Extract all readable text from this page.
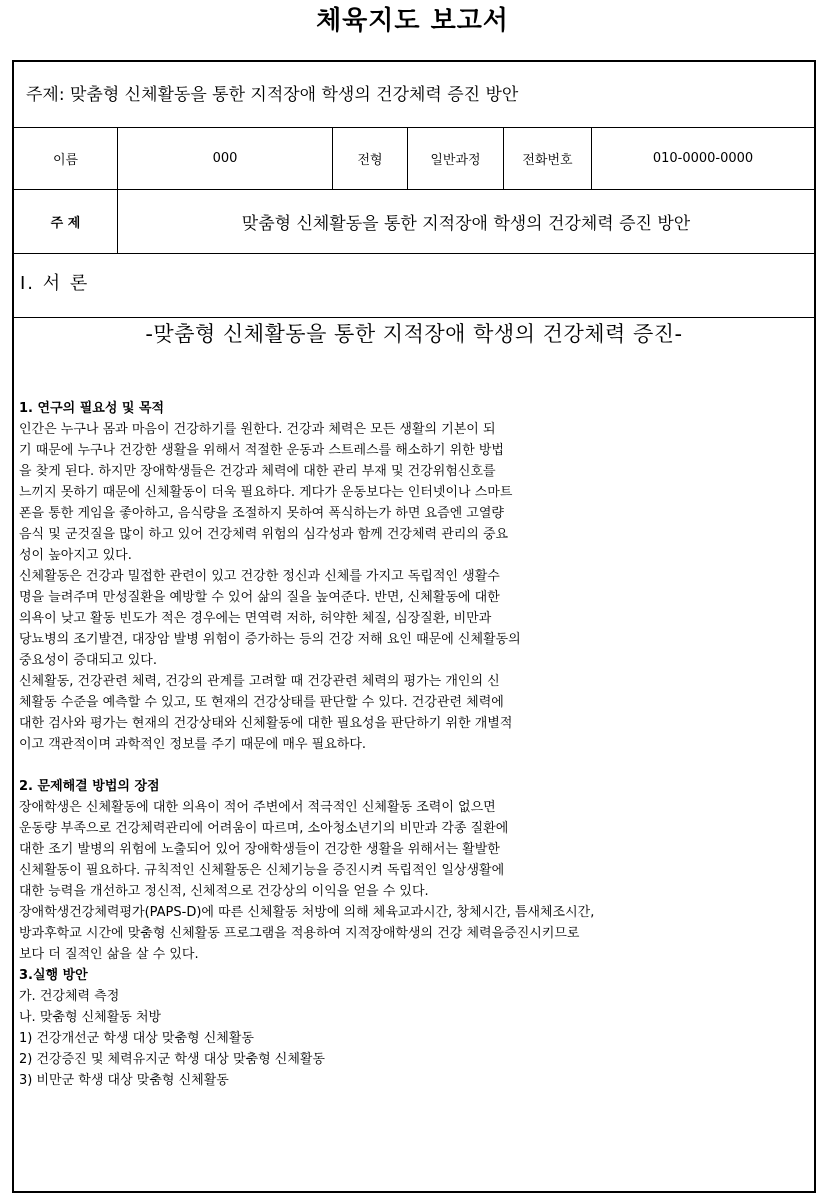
체육지도 보고서
주제: 맞춤형 신체활동을 통한 지적장애 학생의 건강체력 증진 방안
이름	000	전형	일반과정	전화번호	010-0000-0000
주 제	맞춤형 신체활동을 통한 지적장애 학생의 건강체력 증진 방안
Ⅰ. 서 론
-맞춤형 신체활동을 통한 지적장애 학생의 건강체력 증진-
1. 연구의 필요성 및 목적
인간은 누구나 몸과 마음이 건강하기를 원한다. 건강과 체력은 모든 생활의 기본이 되
기 때문에 누구나 건강한 생활을 위해서 적절한 운동과 스트레스를 해소하기 위한 방법
을 찾게 된다. 하지만 장애학생들은 건강과 체력에 대한 관리 부재 및 건강위험신호를
느끼지 못하기 때문에 신체활동이 더욱 필요하다. 게다가 운동보다는 인터넷이나 스마트
폰을 통한 게임을 좋아하고, 음식량을 조절하지 못하여 폭식하는가 하면 요즘엔 고열량
음식 및 군것질을 많이 하고 있어 건강체력 위험의 심각성과 함께 건강체력 관리의 중요
성이 높아지고 있다.
신체활동은 건강과 밀접한 관련이 있고 건강한 정신과 신체를 가지고 독립적인 생활수
명을 늘려주며 만성질환을 예방할 수 있어 삶의 질을 높여준다. 반면, 신체활동에 대한
의욕이 낮고 활동 빈도가 적은 경우에는 면역력 저하, 허약한 체질, 심장질환, 비만과
당뇨병의 조기발견, 대장암 발병 위험이 증가하는 등의 건강 저해 요인 때문에 신체활동의
중요성이 증대되고 있다.
신체활동, 건강관련 체력, 건강의 관계를 고려할 때 건강관련 체력의 평가는 개인의 신
체활동 수준을 예측할 수 있고, 또 현재의 건강상태를 판단할 수 있다. 건강관련 체력에
대한 검사와 평가는 현재의 건강상태와 신체활동에 대한 필요성을 판단하기 위한 개별적
이고 객관적이며 과학적인 정보를 주기 때문에 매우 필요하다.
2. 문제해결 방법의 장점
장애학생은 신체활동에 대한 의욕이 적어 주변에서 적극적인 신체활동 조력이 없으면
운동량 부족으로 건강체력관리에 어려움이 따르며, 소아청소년기의 비만과 각종 질환에
대한 조기 발병의 위험에 노출되어 있어 장애학생들이 건강한 생활을 위해서는 활발한
신체활동이 필요하다. 규칙적인 신체활동은 신체기능을 증진시켜 독립적인 일상생활에
대한 능력을 개선하고 정신적, 신체적으로 건강상의 이익을 얻을 수 있다.
장애학생건강체력평가(PAPS-D)에 따른 신체활동 처방에 의해 체육교과시간, 창체시간, 틈새체조시간,
방과후학교 시간에 맞춤형 신체활동 프로그램을 적용하여 지적장애학생의 건강 체력을증진시키므로
보다 더 질적인 삶을 살 수 있다.
3.실행 방안
가. 건강체력 측정
나. 맞춤형 신체활동 처방
1) 건강개선군 학생 대상 맞춤형 신체활동
2) 건강증진 및 체력유지군 학생 대상 맞춤형 신체활동
3) 비만군 학생 대상 맞춤형 신체활동
